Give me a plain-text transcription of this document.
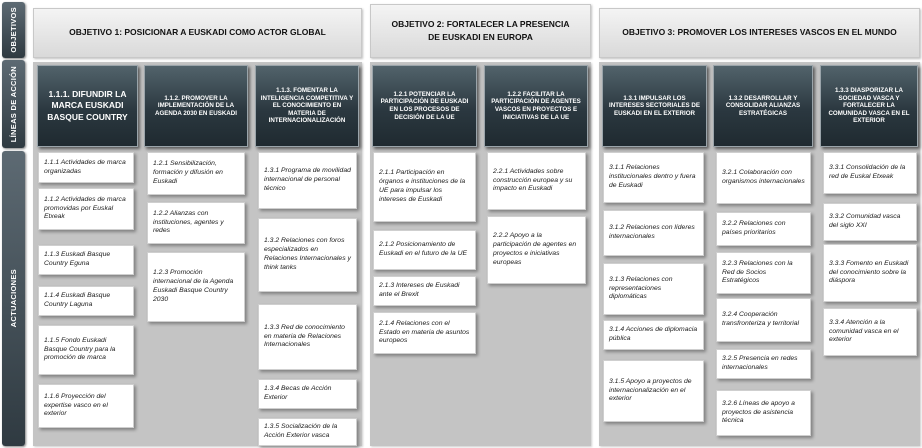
OBJETIVOS
LÍNEAS DE ACCIÓN
ACTUACIONES
OBJETIVO 1: POSICIONAR A EUSKADI COMO ACTOR GLOBAL
OBJETIVO 2: FORTALECER LA PRESENCIA DE EUSKADI EN EUROPA	OBJETIVO 3: PROMOVER LOS INTERESES VASCOS EN EL MUNDO
1.1.1. DIFUNDIR LA MARCA EUSKADI BASQUE COUNTRY
1.1.2. PROMOVER LA IMPLEMENTACIÓN DE LA AGENDA 2030 EN EUSKADI
1.1.3. FOMENTAR LA INTELIGENCIA COMPETITIVA Y EL CONOCIMIENTO EN MATERIA DE INTERNACIONALIZACIÓN
1.2.1 POTENCIAR LA PARTICIPACIÓN DE EUSKADI EN LOS PROCESOS DE DECISIÓN DE LA UE
1.2.2 FACILITAR LA PARTICIPACIÓN DE AGENTES VASCOS EN PROYECTOS E INICIATIVAS DE LA UE
1.3.1 IMPULSAR LOS INTERESES SECTORIALES DE EUSKADI EN EL EXTERIOR
1.3.2 DESARROLLAR Y CONSOLIDAR ALIANZAS ESTRATÉGICAS
1.3.3 DIASPORIZAR LA SOCIEDAD VASCA Y FORTALECER LA COMUNIDAD VASCA EN EL EXTERIOR
1.1.1 Actividades de marca organizadas
1.1.2 Actividades de marca promovidas por Euskal Etxeak
1.1.3 Euskadi Basque Country Eguna
1.1.4 Euskadi Basque Country Laguna
1.1.5 Fondo Euskadi Basque Country para la promoción de marca
1.1.6 Proyección del expertise vasco en el exterior
1.2.1 Sensibilización, formación y difusión en Euskadi
1.2.2 Alianzas con instituciones, agentes y redes
1.2.3 Promoción internacional de la Agenda Euskadi Basque Country 2030
1.3.1 Programa de movilidad internacional de personal técnico
1.3.2 Relaciones con foros especializados en Relaciones Internacionales y think tanks
1.3.3 Red de conocimiento en materia de Relaciones Internacionales
1.3.4 Becas de Acción Exterior
1.3.5 Socialización de la Acción Exterior vasca
2.1.1 Participación en órganos e instituciones de la UE para impulsar los intereses de Euskadi
2.1.2 Posicionamiento de Euskadi en el futuro de la UE
2.1.3 Intereses de Euskadi ante el Brexit
2.1.4 Relaciones con el Estado en materia de asuntos europeos
2.2.1 Actividades sobre construcción europea y su impacto en Euskadi
2.2.2 Apoyo a la participación de agentes en proyectos e iniciativas europeas
3.1.1 Relaciones institucionales dentro y fuera de Euskadi
3.1.2 Relaciones con líderes internacionales
3.1.3 Relaciones con representaciones diplomáticas
3.1.4 Acciones de diplomacia pública
3.1.5 Apoyo a proyectos de internacionalización en el exterior
3.2.1 Colaboración con organismos internacionales
3.2.2 Relaciones con países prioritarios
3.2.3 Relaciones con la Red de Socios Estratégicos
3.2.4 Cooperación transfronteriza y territorial
3.2.5 Presencia en redes internacionales
3.2.6 Líneas de apoyo a proyectos de asistencia técnica
3.3.1 Consolidación de la red de Euskal Etxeak
3.3.2 Comunidad vasca del siglo XXI
3.3.3 Fomento en Euskadi del conocimiento sobre la diáspora
3.3.4 Atención a la comunidad vasca en el exterior
